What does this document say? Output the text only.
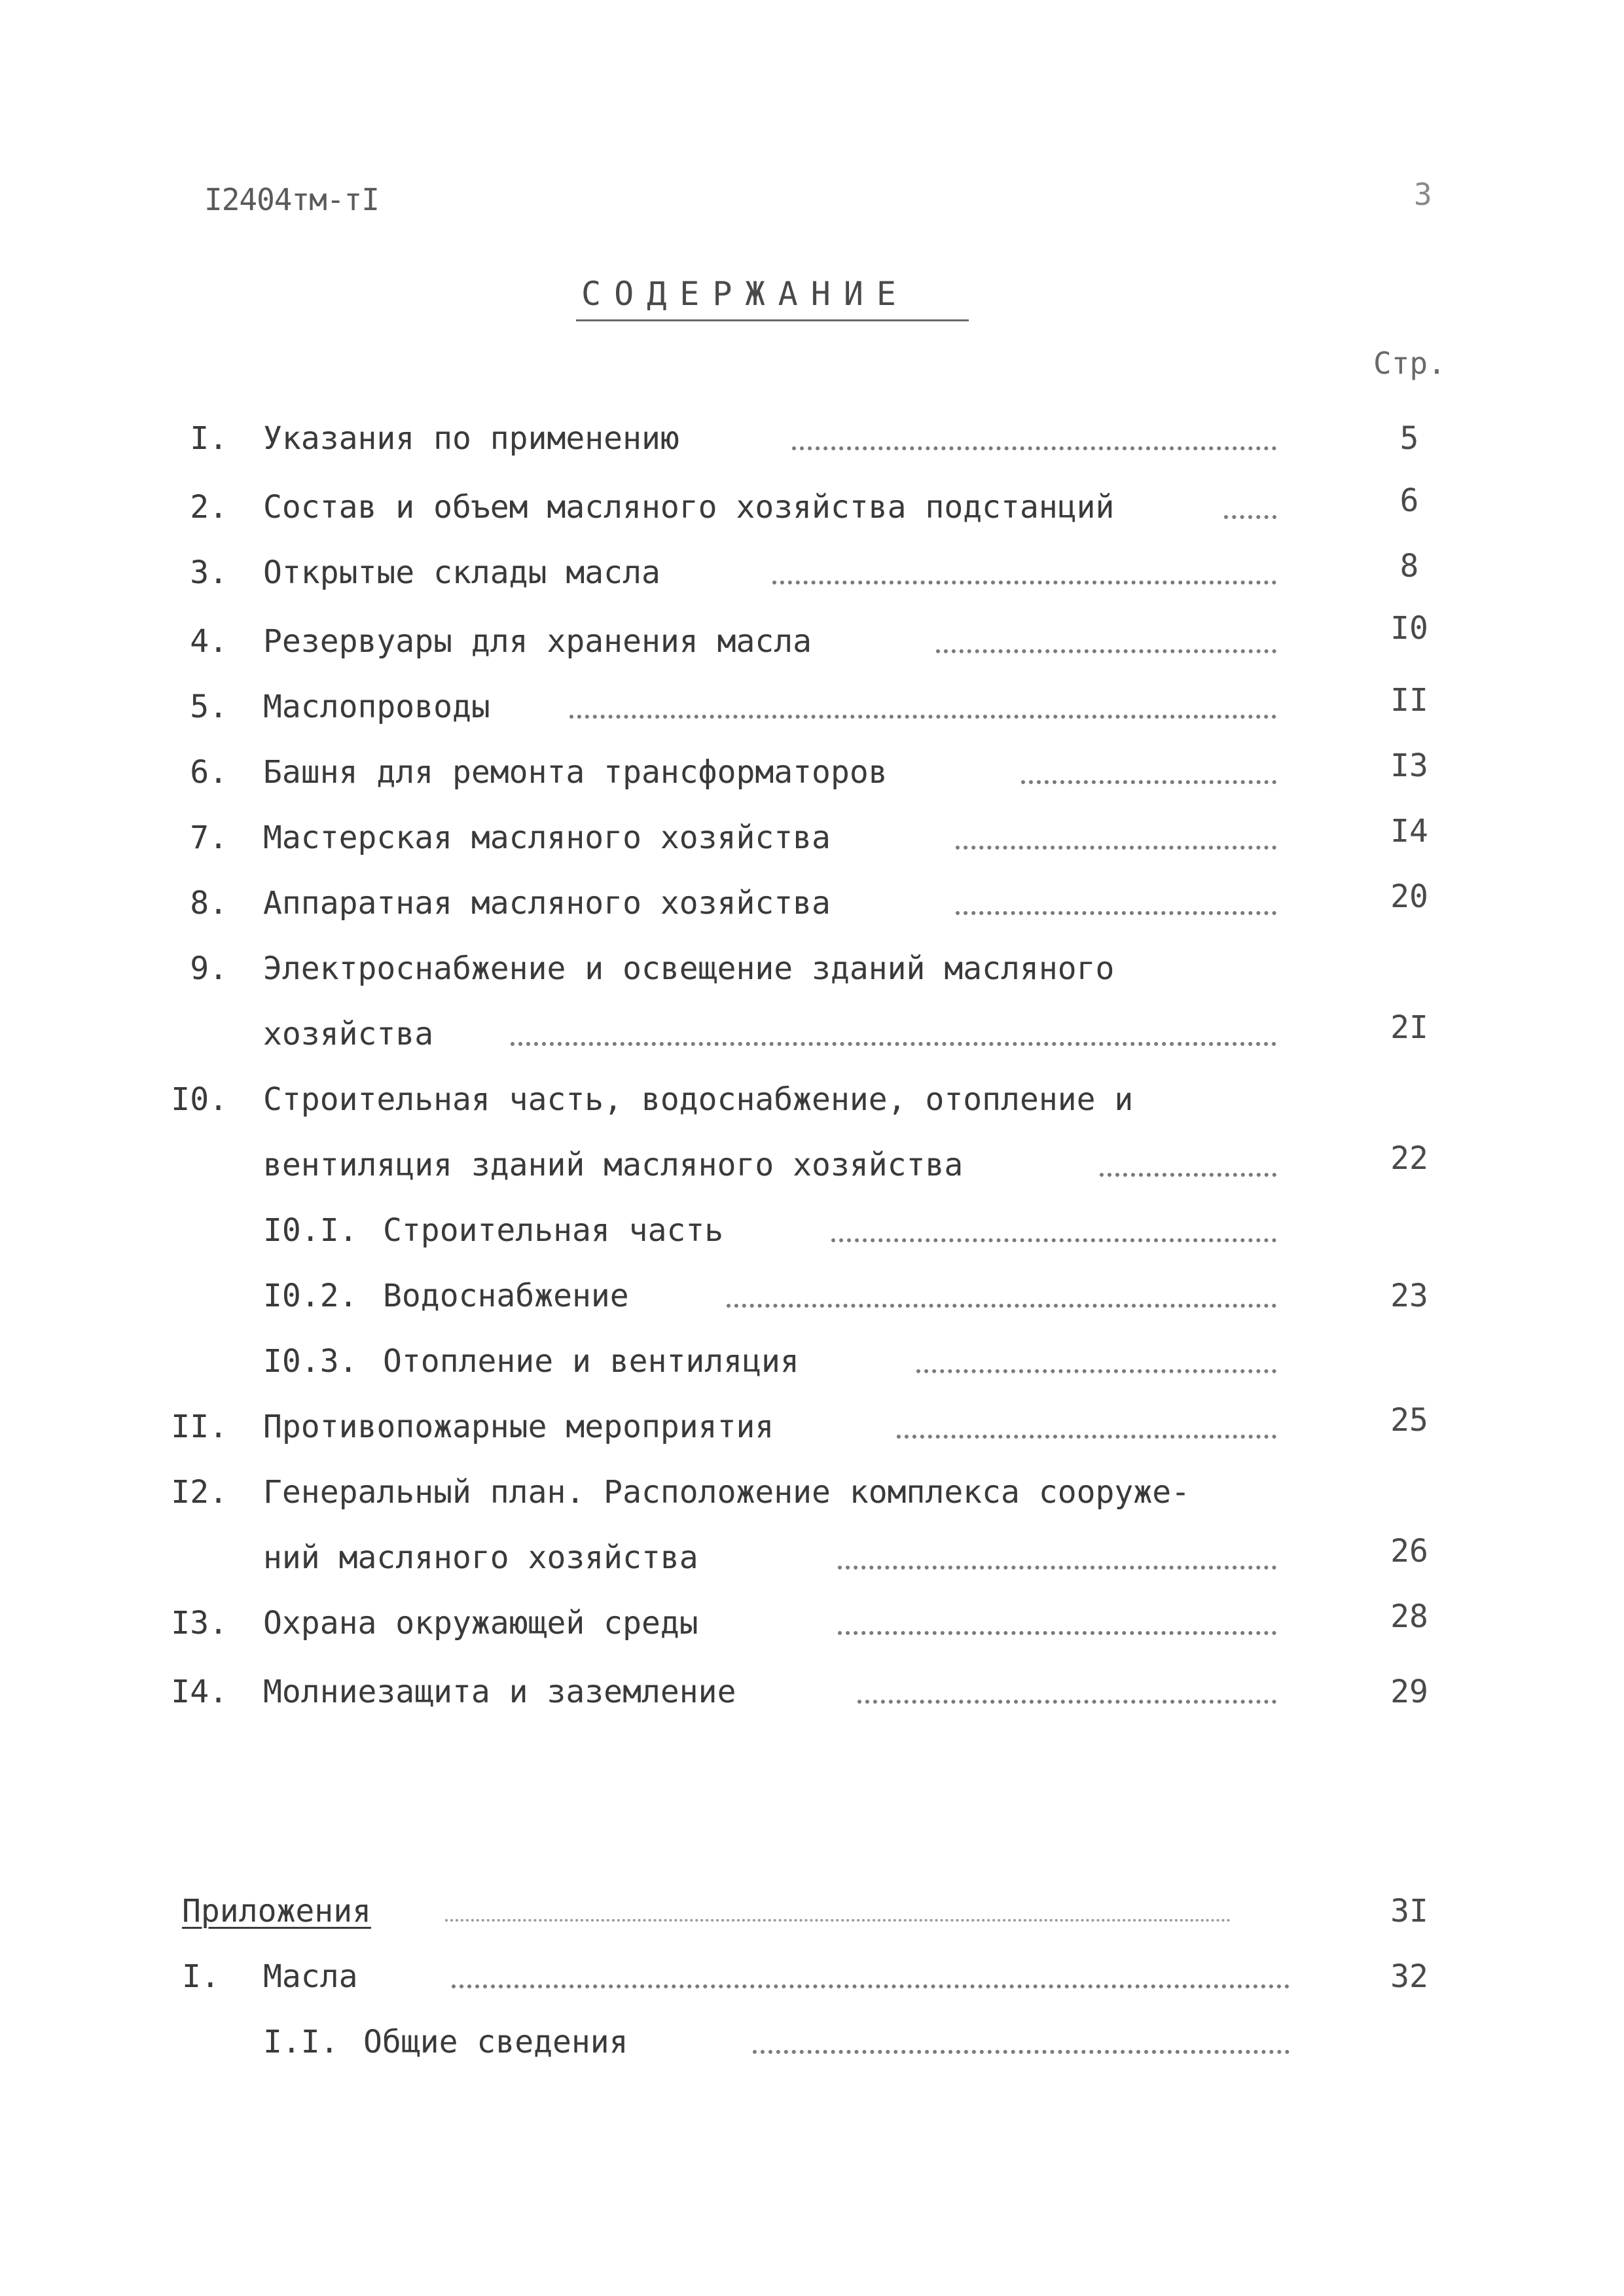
I2404тм-тI	3
СОДЕРЖАНИЕ
Стр.
I. Указания по применению	5
2. Состав и объем масляного хозяйства подстанций	6
3. Открытые склады масла	8
4. Резервуары для хранения масла	I0
5. Маслопроводы	II
6. Башня для ремонта трансформаторов	I3
7. Мастерская масляного хозяйства	I4
8. Аппаратная масляного хозяйства	20
9. Электроснабжение и освещение зданий масляного
хозяйства	2I
I0. Строительная часть, водоснабжение, отопление и
вентиляция зданий масляного хозяйства	22
I0.I. Строительная часть
I0.2. Водоснабжение	23
I0.3. Отопление и вентиляция
II. Противопожарные мероприятия	25
I2. Генеральный план. Расположение комплекса сооруже-
ний масляного хозяйства	26
I3. Охрана окружающей среды	28
I4. Молниезащита и заземление	29
Приложения	3I
I. Масла	32
I.I. Общие сведения
